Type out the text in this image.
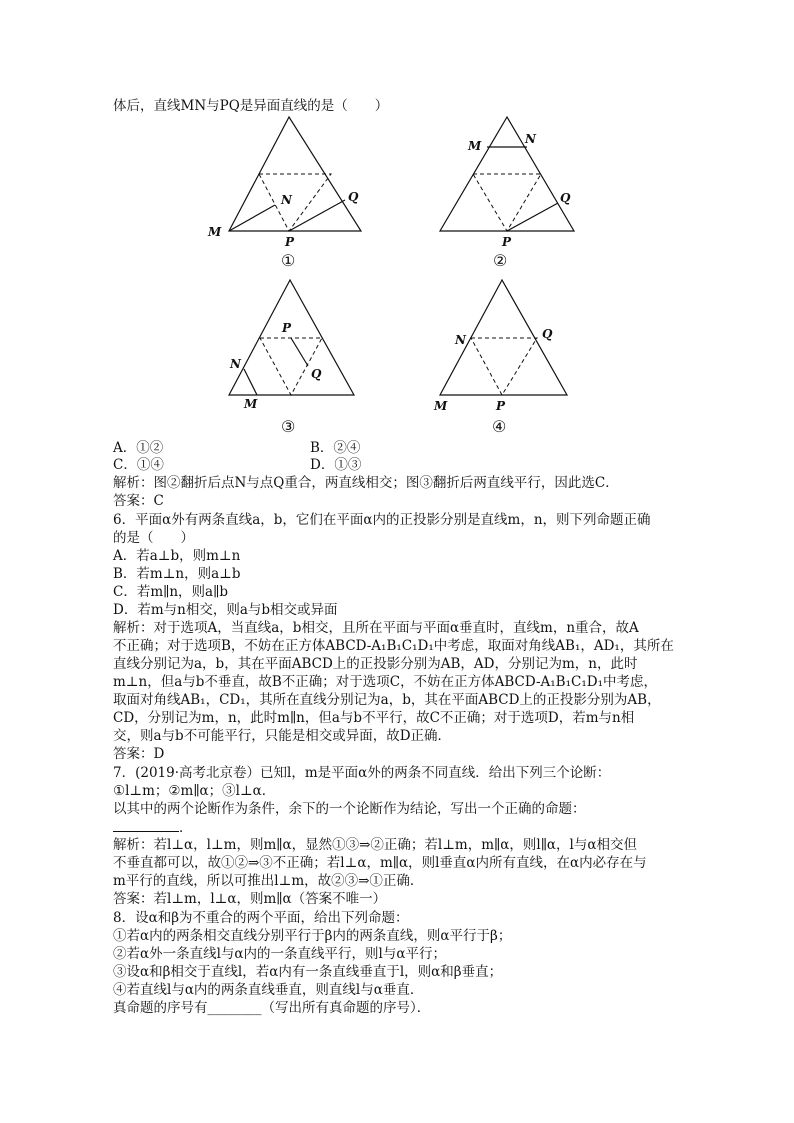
体后，直线MN与PQ是异面直线的是（　　）
M
N
P
Q
①
M	N
P
Q
②
M
N
P
Q
③
M
N
P
Q
④
A．①②	B．②④
C．①④	D．①③
解析：图②翻折后点N与点Q重合，两直线相交；图③翻折后两直线平行，因此选C．
答案：C
6．平面α外有两条直线a，b，它们在平面α内的正投影分别是直线m，n，则下列命题正确
的是（　　）
A．若a⊥b，则m⊥n
B．若m⊥n，则a⊥b
C．若m∥n，则a∥b
D．若m与n相交，则a与b相交或异面
解析：对于选项A，当直线a，b相交，且所在平面与平面α垂直时，直线m，n重合，故A
不正确；对于选项B，不妨在正方体ABCD-A₁B₁C₁D₁中考虑，取面对角线AB₁，AD₁，其所在
直线分别记为a，b，其在平面ABCD上的正投影分别为AB，AD，分别记为m，n，此时
m⊥n，但a与b不垂直，故B不正确；对于选项C，不妨在正方体ABCD-A₁B₁C₁D₁中考虑，
取面对角线AB₁，CD₁，其所在直线分别记为a，b，其在平面ABCD上的正投影分别为AB，
CD，分别记为m，n，此时m∥n，但a与b不平行，故C不正确；对于选项D，若m与n相
交，则a与b不可能平行，只能是相交或异面，故D正确．
答案：D
7．(2019·高考北京卷）已知l，m是平面α外的两条不同直线．给出下列三个论断：
①l⊥m；②m∥α；③l⊥α．
以其中的两个论断作为条件，余下的一个论断作为结论，写出一个正确的命题：
．
解析：若l⊥α，l⊥m，则m∥α，显然①③⇒②正确；若l⊥m，m∥α，则l∥α，l与α相交但
不垂直都可以，故①②⇒③不正确；若l⊥α，m∥α，则l垂直α内所有直线，在α内必存在与
m平行的直线，所以可推出l⊥m，故②③⇒①正确．
答案：若l⊥m，l⊥α，则m∥α（答案不唯一）
8．设α和β为不重合的两个平面，给出下列命题：
①若α内的两条相交直线分别平行于β内的两条直线，则α平行于β；
②若α外一条直线l与α内的一条直线平行，则l与α平行；
③设α和β相交于直线l，若α内有一条直线垂直于l，则α和β垂直；
④若直线l与α内的两条直线垂直，则直线l与α垂直．
真命题的序号有________（写出所有真命题的序号）．
